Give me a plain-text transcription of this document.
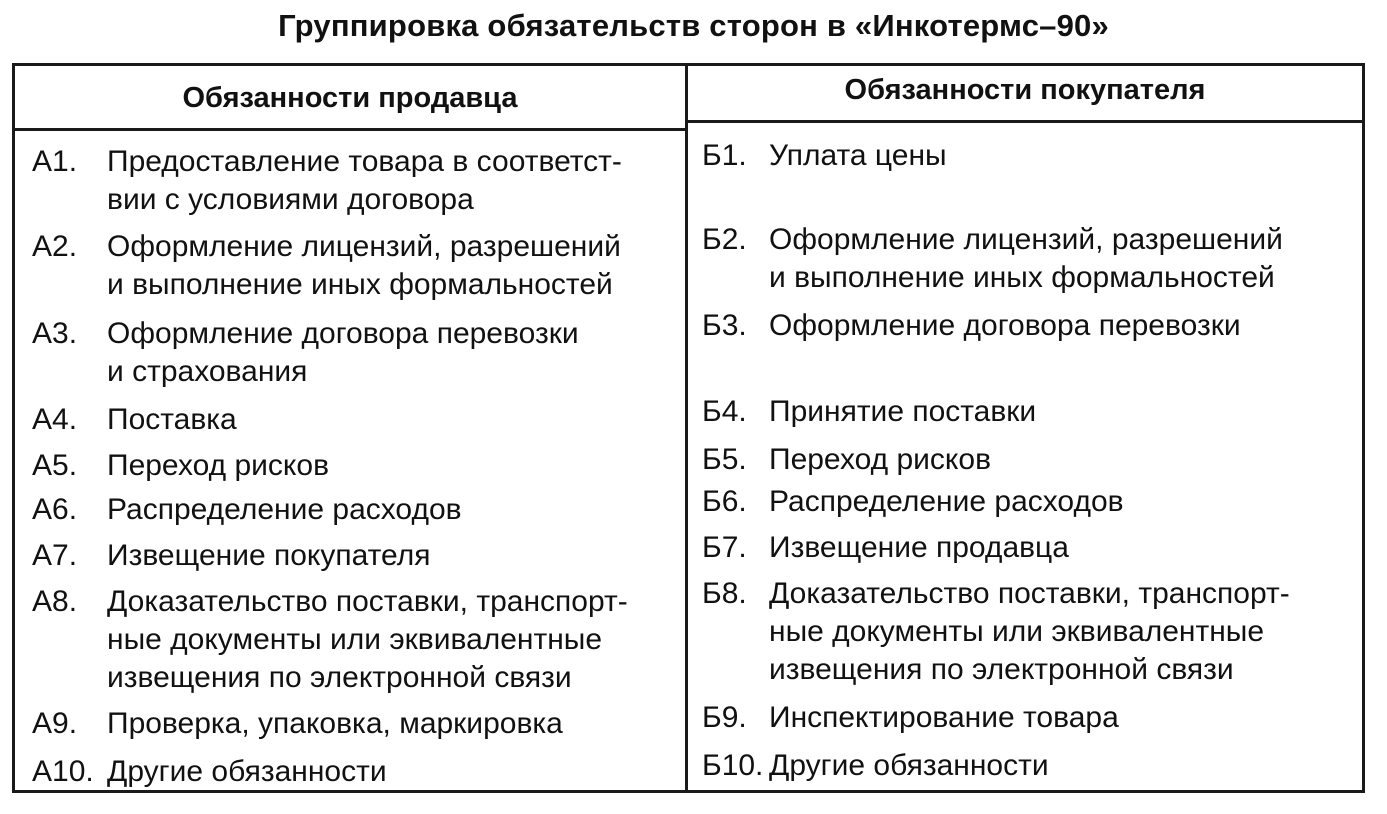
Группировка обязательств сторон в «Инкотермс–90»
Обязанности продавца	Обязанности покупателя
А1. Предоставление товара в соответст-
вии с условиями договора
А2. Оформление лицензий, разрешений
и выполнение иных формальностей
А3. Оформление договора перевозки
и страхования
А4. Поставка
А5. Переход рисков
А6. Распределение расходов
А7. Извещение покупателя
А8. Доказательство поставки, транспорт-
ные документы или эквивалентные
извещения по электронной связи
А9. Проверка, упаковка, маркировка
А10. Другие обязанности
Б1. Уплата цены
Б2. Оформление лицензий, разрешений
и выполнение иных формальностей
Б3. Оформление договора перевозки
Б4. Принятие поставки
Б5. Переход рисков
Б6. Распределение расходов
Б7. Извещение продавца
Б8. Доказательство поставки, транспорт-
ные документы или эквивалентные
извещения по электронной связи
Б9. Инспектирование товара
Б10. Другие обязанности
